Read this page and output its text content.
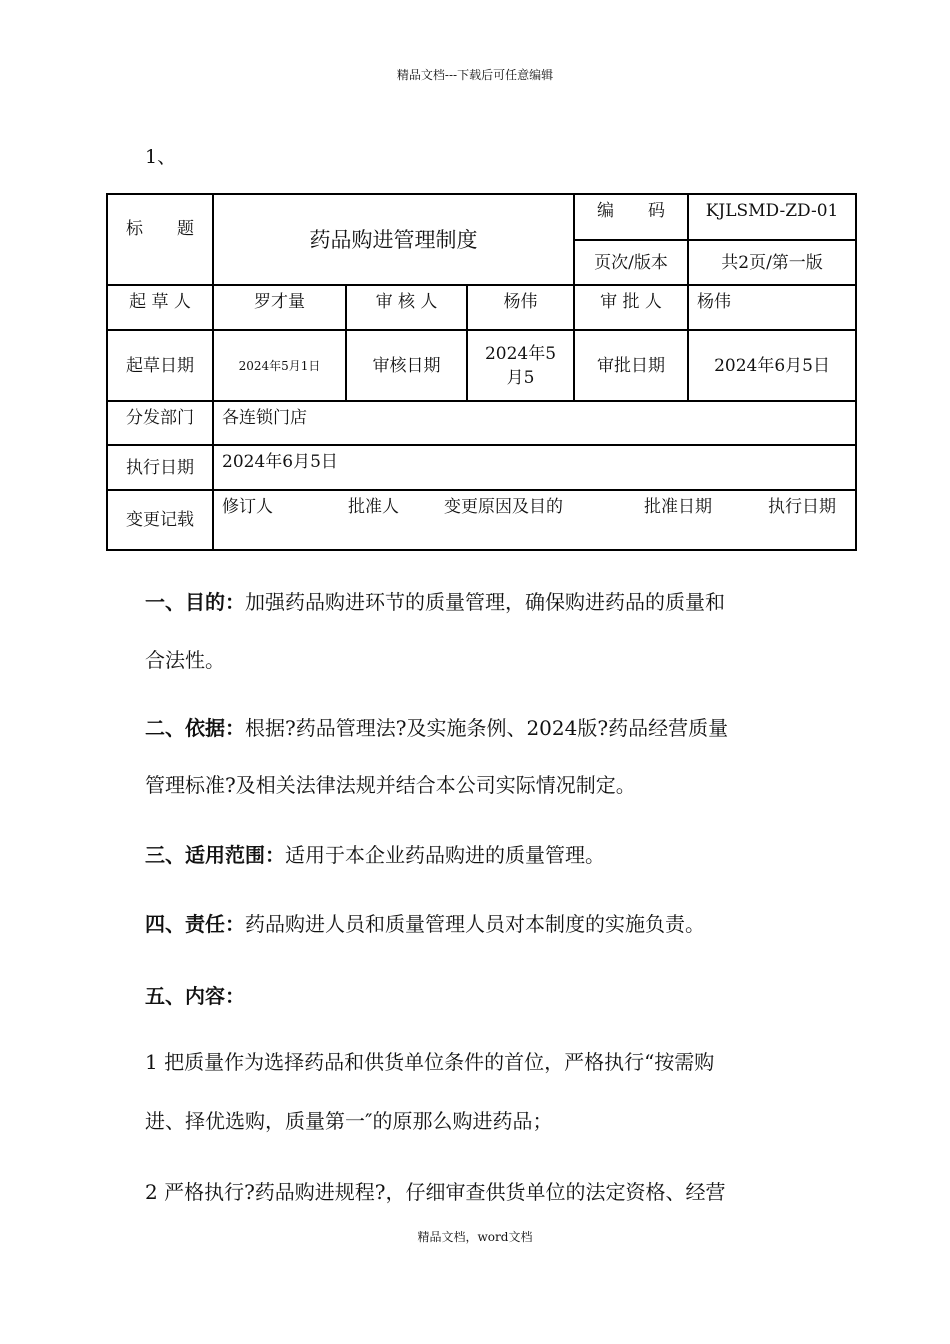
精品文档---下载后可任意编辑
1、
标　　题	药品购进管理制度			编　　码	KJLSMD-ZD-01
				页次/版本	共2页/第一版
起 草 人	罗才量	审 核 人	杨伟	审 批 人	杨伟
起草日期	2024年5月1日	审核日期	2024年5月5	审批日期	2024年6月5日
分发部门	各连锁门店				
执行日期	2024年6月5日				
变更记载	修订人 批准人 变更原因及目的 批准日期 执行日期				
一、目的：加强药品购进环节的质量管理，确保购进药品的质量和
合法性。
二、依据：根据?药品管理法?及实施条例、2024版?药品经营质量
管理标准?及相关法律法规并结合本公司实际情况制定。
三、适用范围：适用于本企业药品购进的质量管理。
四、责任：药品购进人员和质量管理人员对本制度的实施负责。
五、内容：
1 把质量作为选择药品和供货单位条件的首位，严格执行“按需购
进、择优选购，质量第一″的原那么购进药品；
2 严格执行?药品购进规程?，仔细审查供货单位的法定资格、经营
精品文档，word文档
